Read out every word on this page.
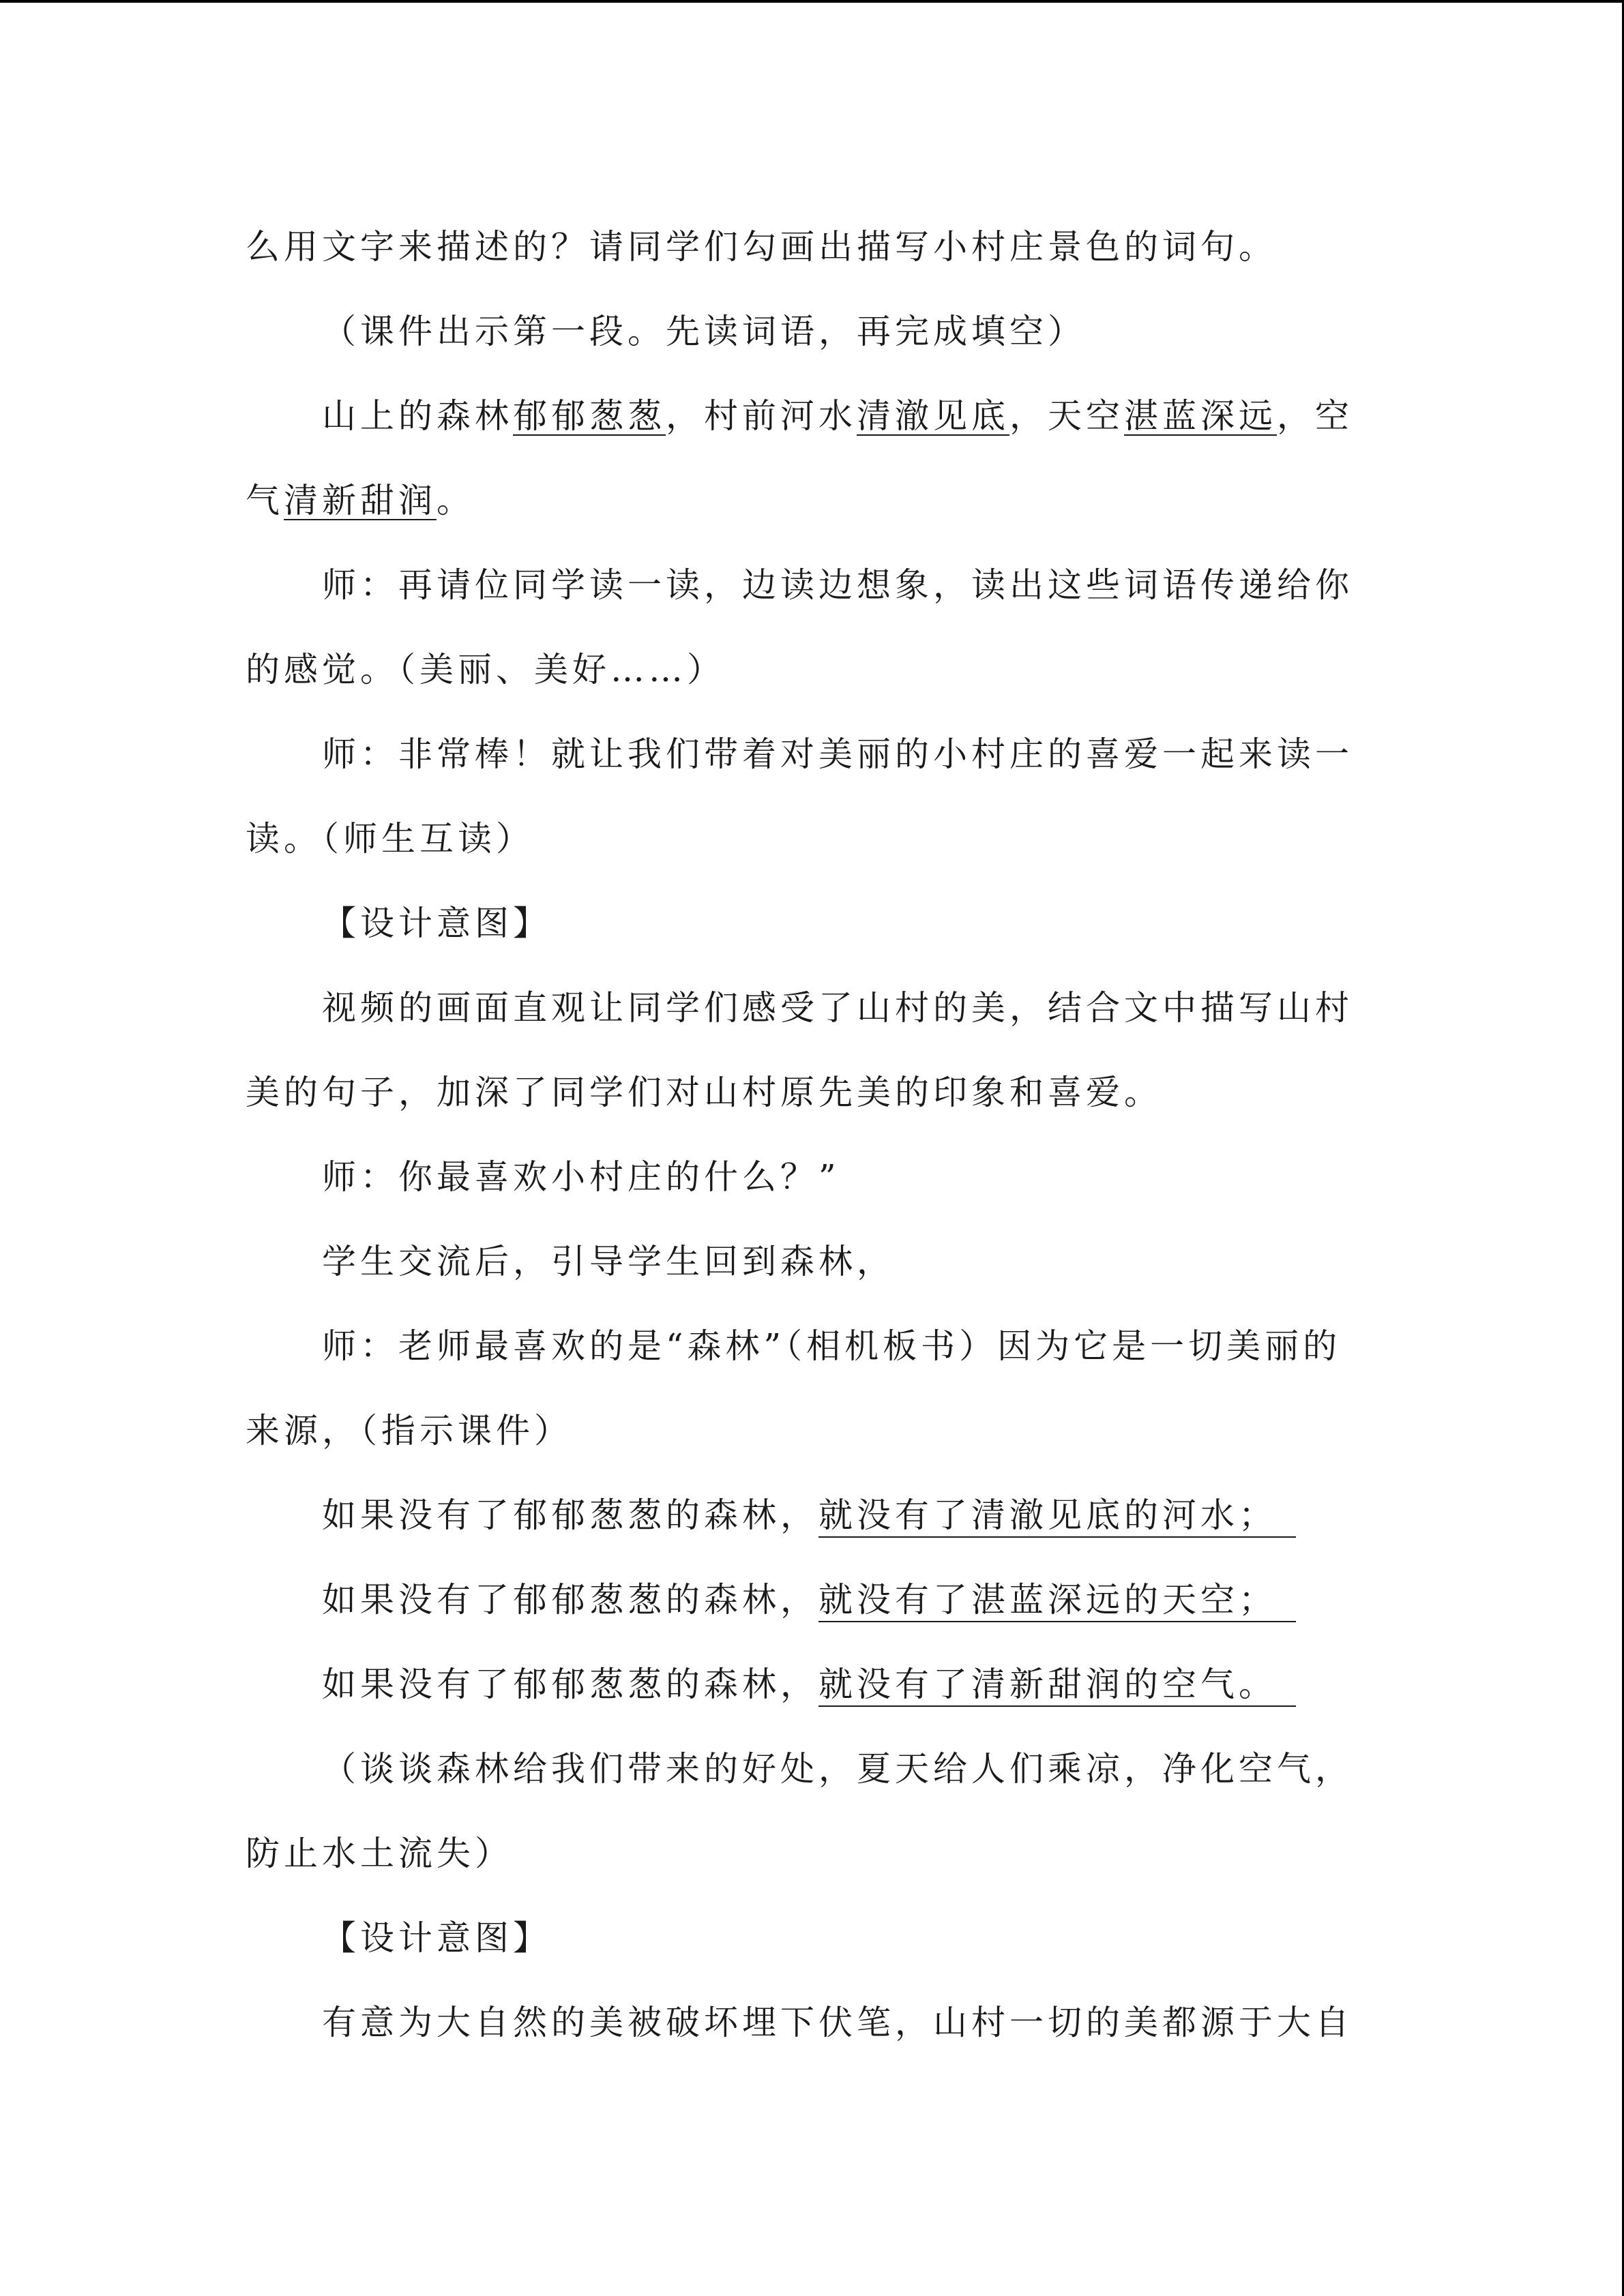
么用文字来描述的？请同学们勾画出描写小村庄景色的词句。
（课件出示第一段。先读词语，再完成填空）
山上的森林郁郁葱葱，村前河水清澈见底，天空湛蓝深远，空
气清新甜润。
师：再请位同学读一读，边读边想象，读出这些词语传递给你
的感觉。（美丽、美好……）
师：非常棒！就让我们带着对美丽的小村庄的喜爱一起来读一
读。（师生互读）
【设计意图】
视频的画面直观让同学们感受了山村的美，结合文中描写山村
美的句子，加深了同学们对山村原先美的印象和喜爱。
师：你最喜欢小村庄的什么？”
学生交流后，引导学生回到森林，
师：老师最喜欢的是“森林”（相机板书）因为它是一切美丽的
来源，（指示课件）
如果没有了郁郁葱葱的森林，就没有了清澈见底的河水；
如果没有了郁郁葱葱的森林，就没有了湛蓝深远的天空；
如果没有了郁郁葱葱的森林，就没有了清新甜润的空气。
（谈谈森林给我们带来的好处，夏天给人们乘凉，净化空气，
防止水土流失）
【设计意图】
有意为大自然的美被破坏埋下伏笔，山村一切的美都源于大自
